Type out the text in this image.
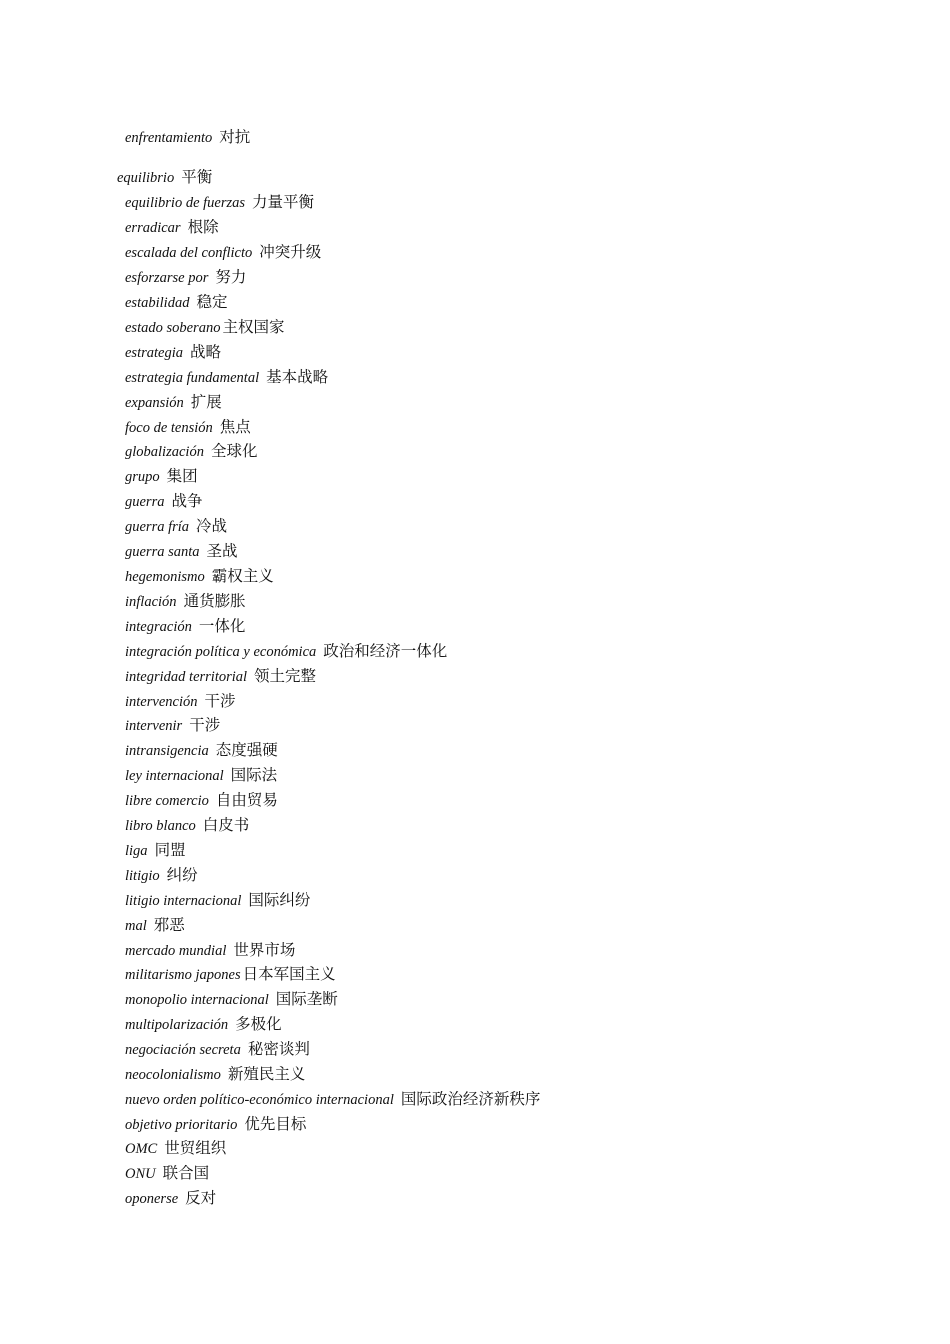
enfrentamiento 对抗
equilibrio 平衡
equilibrio de fuerzas 力量平衡
erradicar 根除
escalada del conflicto 冲突升级
esforzarse por 努力
estabilidad 稳定
estado soberano 主权国家
estrategia 战略
estrategia fundamental 基本战略
expansión 扩展
foco de tensión 焦点
globalización 全球化
grupo 集团
guerra 战争
guerra fría 冷战
guerra santa 圣战
hegemonismo 霸权主义
inflación 通货膨胀
integración 一体化
integración política y económica 政治和经济一体化
integridad territorial 领土完整
intervención 干涉
intervenir 干涉
intransigencia 态度强硬
ley internacional 国际法
libre comercio 自由贸易
libro blanco 白皮书
liga 同盟
litigio 纠纷
litigio internacional 国际纠纷
mal 邪恶
mercado mundial 世界市场
militarismo japones 日本军国主义
monopolio internacional 国际垄断
multipolarización 多极化
negociación secreta 秘密谈判
neocolonialismo 新殖民主义
nuevo orden político-económico internacional 国际政治经济新秩序
objetivo prioritario 优先目标
OMC 世贸组织
ONU 联合国
oponerse 反对
